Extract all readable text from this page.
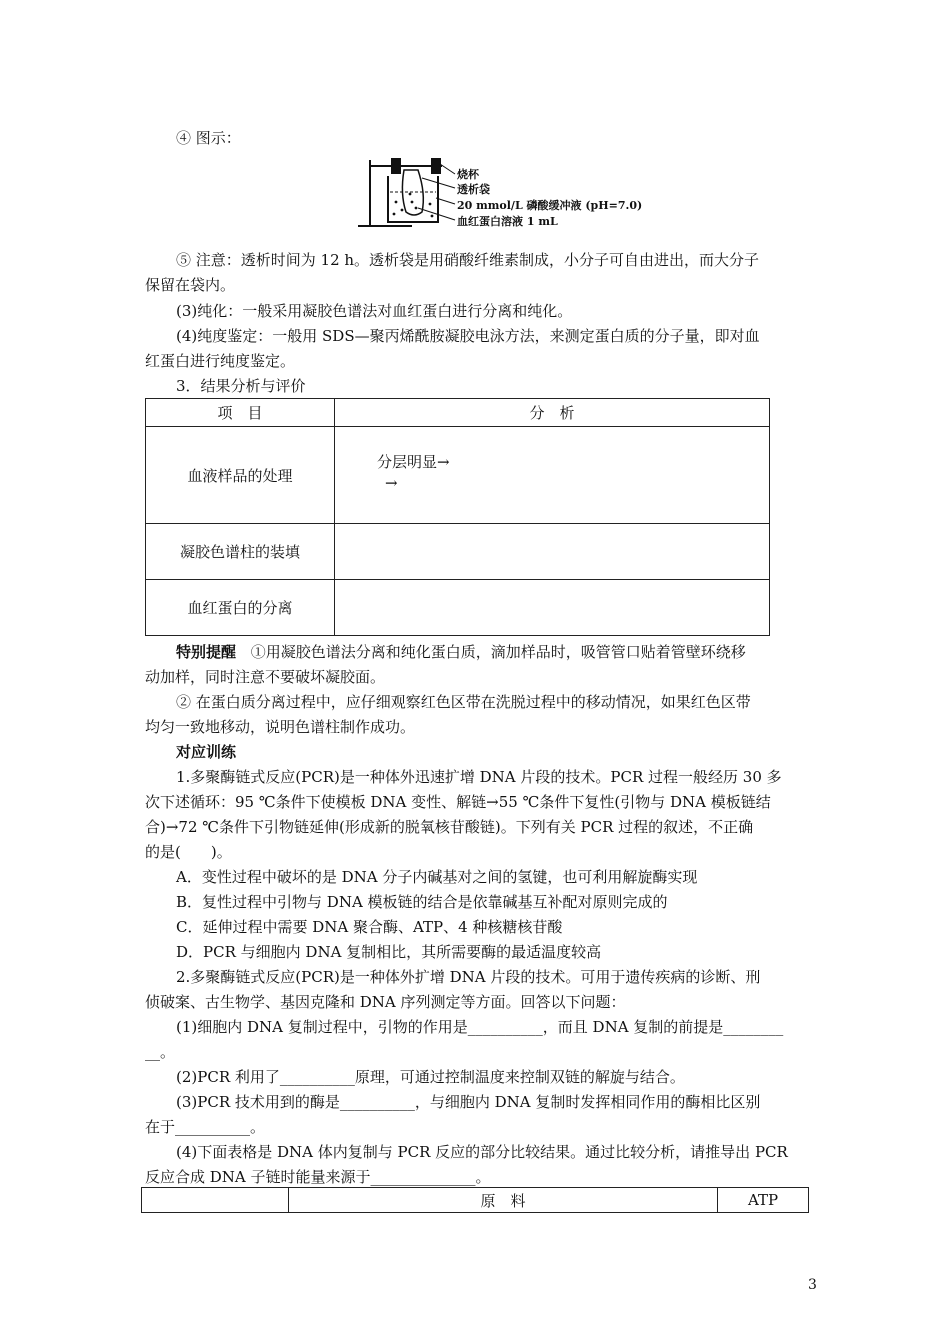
④ 图示：
烧杯
透析袋
20 mmol/L 磷酸缓冲液 (pH=7.0)
血红蛋白溶液 1 mL
⑤ 注意：透析时间为 12 h。透析袋是用硝酸纤维素制成，小分子可自由进出，而大分子
保留在袋内。
(3)纯化：一般采用凝胶色谱法对血红蛋白进行分离和纯化。
(4)纯度鉴定：一般用 SDS—聚丙烯酰胺凝胶电泳方法，来测定蛋白质的分子量，即对血
红蛋白进行纯度鉴定。
3．结果分析与评价
项　目	分　析
血液样品的处理	分层明显→
→

凝胶色谱柱的装填	
血红蛋白的分离	
特别提醒 ①用凝胶色谱法分离和纯化蛋白质，滴加样品时，吸管管口贴着管壁环绕移
动加样，同时注意不要破坏凝胶面。
② 在蛋白质分离过程中，应仔细观察红色区带在洗脱过程中的移动情况，如果红色区带
均匀一致地移动，说明色谱柱制作成功。
对应训练
1.多聚酶链式反应(PCR)是一种体外迅速扩增 DNA 片段的技术。PCR 过程一般经历 30 多
次下述循环：95 ℃条件下使模板 DNA 变性、解链→55 ℃条件下复性(引物与 DNA 模板链结
合)→72 ℃条件下引物链延伸(形成新的脱氧核苷酸链)。下列有关 PCR 过程的叙述，不正确
的是(　　)。
A．变性过程中破坏的是 DNA 分子内碱基对之间的氢键，也可利用解旋酶实现
B．复性过程中引物与 DNA 模板链的结合是依靠碱基互补配对原则完成的
C．延伸过程中需要 DNA 聚合酶、ATP、4 种核糖核苷酸
D．PCR 与细胞内 DNA 复制相比，其所需要酶的最适温度较高
2.多聚酶链式反应(PCR)是一种体外扩增 DNA 片段的技术。可用于遗传疾病的诊断、刑
侦破案、古生物学、基因克隆和 DNA 序列测定等方面。回答以下问题：
(1)细胞内 DNA 复制过程中，引物的作用是__________，而且 DNA 复制的前提是________
__。
(2)PCR 利用了__________原理，可通过控制温度来控制双链的解旋与结合。
(3)PCR 技术用到的酶是__________，与细胞内 DNA 复制时发挥相同作用的酶相比区别
在于__________。
(4)下面表格是 DNA 体内复制与 PCR 反应的部分比较结果。通过比较分析，请推导出 PCR
反应合成 DNA 子链时能量来源于______________。
	原　料	ATP
3
